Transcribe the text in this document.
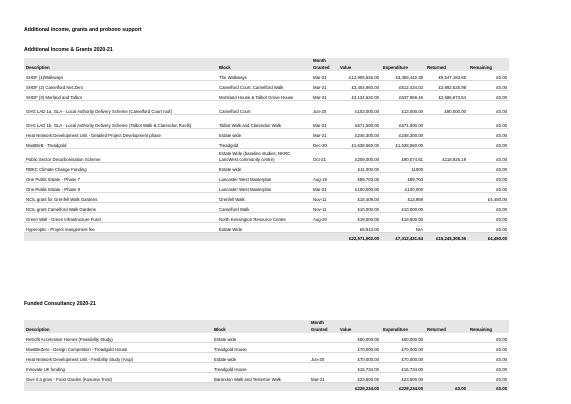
Additional income, grants and probono support
Additional Income & Grants 2020-21
		Month				
Description	Block	Granted	Value	Expenditure	Returned	Remaining
SHDF (1)Walkways	The Walkways	Mar-21	£12,905,626.00	£3,358,442.35	£9,547,183.65	£0.00
SHDF (2) Camelford Net Zero	Camelford Court, Camelford Walk	Mar-21	£3,404,960.00	£512,434.02	£2,892,525.98	£0.00
SHDF (3) Morland and Talbot	Morsland House & Talbot Grove House	Mar-21	£3,134,632.00	£537,958.46	£2,596,673.54	£0.00
GHG LAD 1a, GLA - Local Authority Delivery Scheme (Camelford Court roof)	Camelford Court	Jun-20	£103,000.00	£13,000.00	£90,000.00	£0.00
GHG LAD 1b, GLA - Local Authority Delivery Scheme (Talbot Walk & Clarendon Roofs)	Talbot Walk and Clarendon Walk	Mar-21	£671,500.00	£671,500.00		£0.00
Heat Network Development Unit - Detailed Project Development phase	Estate wide	Mar-21	£246,300.00	£246,300.00		£0.00
MustBeB - Treadgold	Treadgold	Dec-20	£1,638,560.00	£1,638,560.00		£0.00
Public Sector Decarbonisation Scheme	Estate Wide (baseline studies, NKRC, LancWest community centre)	Oct-21	£209,000.00	£90,074.81	£118,925.19	£0.00
RBKC Climate Change Funding	Estate wide		£11,000.00	11000		£0.00
One Public Estate - Phase 7	Lancaster West Masterplan	Aug-19	£89,703.00	£89,703		£0.00
One Public Estate - Phase 8	Lancaster West Masterplan	Mar-21	£100,000.00	£100,000		£0.00
NCIL grant for Grenfell Walk Gardens	Grenfell Walk	Nov-11	£18,409.00	£13,959		£4,450.00
NCIL grant Camelford Walk Gardens	Camelford Walk	Nov-11	£10,000.00	£10,000.00		£0.00
Green Wall - Green Infrastructure Fund	North Kensington Resource Centre	Aug-20	£19,500.00	£19,500.00		£0.00
Hyperoptic - Project mangement fee	Estate Wide		£8,813.00	N/A		£0.00
			£22,571,002.00	£7,312,431.64	£15,245,308.36	£4,450.00
Funded Consultancy 2020-21
		Month				
Description	Block	Granted	Value	Expenditure	Returned	Remaining
Retrofit Accelerator Homes (Feasibility Study)	Estate wide		£50,000.00	£50,000.00		£0.00
MustBeZero - Design Competition - Treadgold House	Treadgold House		£70,000.00	£70,000.00		£0.00
Heat Network Development Unit - Fesibility Study (Arup)	Estate wide	Jun-20	£70,000.00	£70,000.00		£0.00
Innovate UK funding	Treadgold House		£15,734.00	£15,734.00		£0.00
Give it a grow - Food Garden (Kusuma Trust)	Barandon Walk and Testerton Walk	Mar-21	£23,500.00	£23,500.00		£0.00
			£229,234.00	£229,234.00	£0.00	£0.00
